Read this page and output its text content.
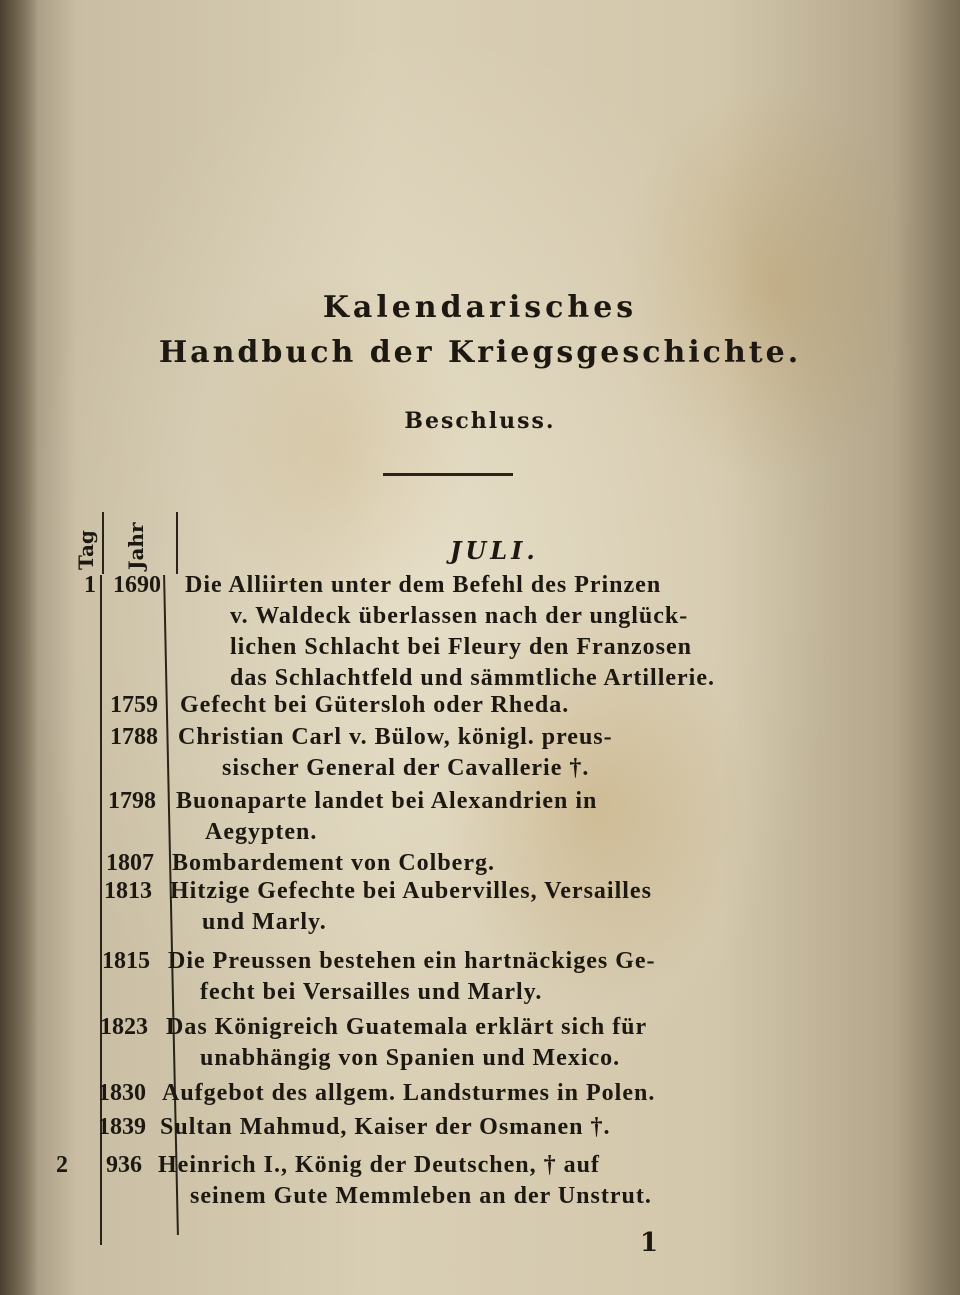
Kalendarisches
Handbuch der Kriegsgeschichte.
Beschluss.
Tag Jahr	JULI.
1 1690 Die Alliirten unter dem Befehl des Prinzen
v. Waldeck überlassen nach der unglück-
lichen Schlacht bei Fleury den Franzosen
das Schlachtfeld und sämmtliche Artillerie.
1759 Gefecht bei Gütersloh oder Rheda.
1788 Christian Carl v. Bülow, königl. preus-
sischer General der Cavallerie †.
1798 Buonaparte landet bei Alexandrien in
Aegypten.
1807 Bombardement von Colberg.
1813 Hitzige Gefechte bei Aubervilles, Versailles
und Marly.
1815 Die Preussen bestehen ein hartnäckiges Ge-
fecht bei Versailles und Marly.
1823 Das Königreich Guatemala erklärt sich für
unabhängig von Spanien und Mexico.
1830 Aufgebot des allgem. Landsturmes in Polen.
1839 Sultan Mahmud, Kaiser der Osmanen †.
2	936 Heinrich I., König der Deutschen, † auf
seinem Gute Memmleben an der Unstrut.
1
